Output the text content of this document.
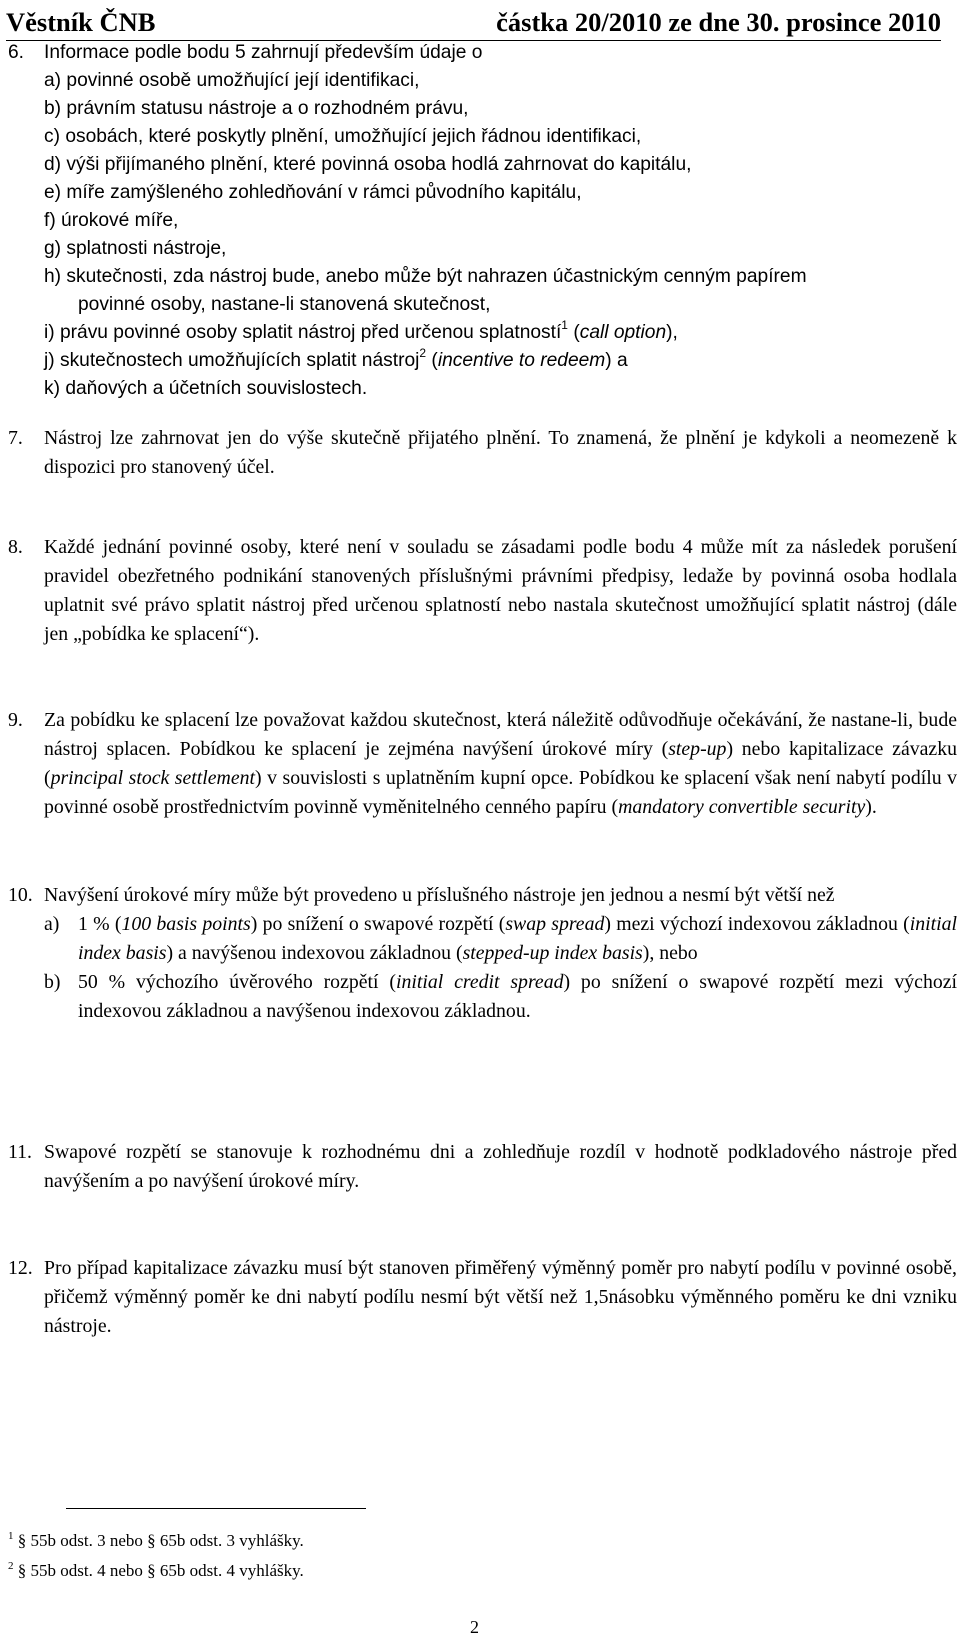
Věstník ČNB	částka 20/2010 ze dne 30. prosince 2010
6. Informace podle bodu 5 zahrnují především údaje o
a) povinné osobě umožňující její identifikaci,
b) právním statusu nástroje a o rozhodném právu,
c) osobách, které poskytly plnění, umožňující jejich řádnou identifikaci,
d) výši přijímaného plnění, které povinná osoba hodlá zahrnovat do kapitálu,
e) míře zamýšleného zohledňování v rámci původního kapitálu,
f) úrokové míře,
g) splatnosti nástroje,
h) skutečnosti, zda nástroj bude, anebo může být nahrazen účastnickým cenným papírem
povinné osoby, nastane-li stanovená skutečnost,
i) právu povinné osoby splatit nástroj před určenou splatností$^1$ (call option),
j) skutečnostech umožňujících splatit nástroj$^2$ (incentive to redeem) a
k) daňových a účetních souvislostech.
7. Nástroj lze zahrnovat jen do výše skutečně přijatého plnění. To znamená, že plnění je kdykoli a neomezeně k dispozici pro stanovený účel.
8. Každé jednání povinné osoby, které není v souladu se zásadami podle bodu 4 může mít za následek porušení pravidel obezřetného podnikání stanovených příslušnými právními předpisy, ledaže by povinná osoba hodlala uplatnit své právo splatit nástroj před určenou splatností nebo nastala skutečnost umožňující splatit nástroj (dále jen „pobídka ke splacení“).
9. Za pobídku ke splacení lze považovat každou skutečnost, která náležitě odůvodňuje očekávání, že nastane-li, bude nástroj splacen. Pobídkou ke splacení je zejména navýšení úrokové míry (step-up) nebo kapitalizace závazku (principal stock settlement) v souvislosti s uplatněním kupní opce. Pobídkou ke splacení však není nabytí podílu v povinné osobě prostřednictvím povinně vyměnitelného cenného papíru (mandatory convertible security).
10. Navýšení úrokové míry může být provedeno u příslušného nástroje jen jednou a nesmí být větší než
a) 1 % (100 basis points) po snížení o swapové rozpětí (swap spread) mezi výchozí indexovou základnou (initial index basis) a navýšenou indexovou základnou (stepped-up index basis), nebo
b) 50 % výchozího úvěrového rozpětí (initial credit spread) po snížení o swapové rozpětí mezi výchozí indexovou základnou a navýšenou indexovou základnou.
11. Swapové rozpětí se stanovuje k rozhodnému dni a zohledňuje rozdíl v hodnotě podkladového nástroje před navýšením a po navýšení úrokové míry.
12. Pro případ kapitalizace závazku musí být stanoven přiměřený výměnný poměr pro nabytí podílu v povinné osobě, přičemž výměnný poměr ke dni nabytí podílu nesmí být větší než 1,5násobku výměnného poměru ke dni vzniku nástroje.
$^1$ § 55b odst. 3 nebo § 65b odst. 3 vyhlášky.
$^2$ § 55b odst. 4 nebo § 65b odst. 4 vyhlášky.
2
